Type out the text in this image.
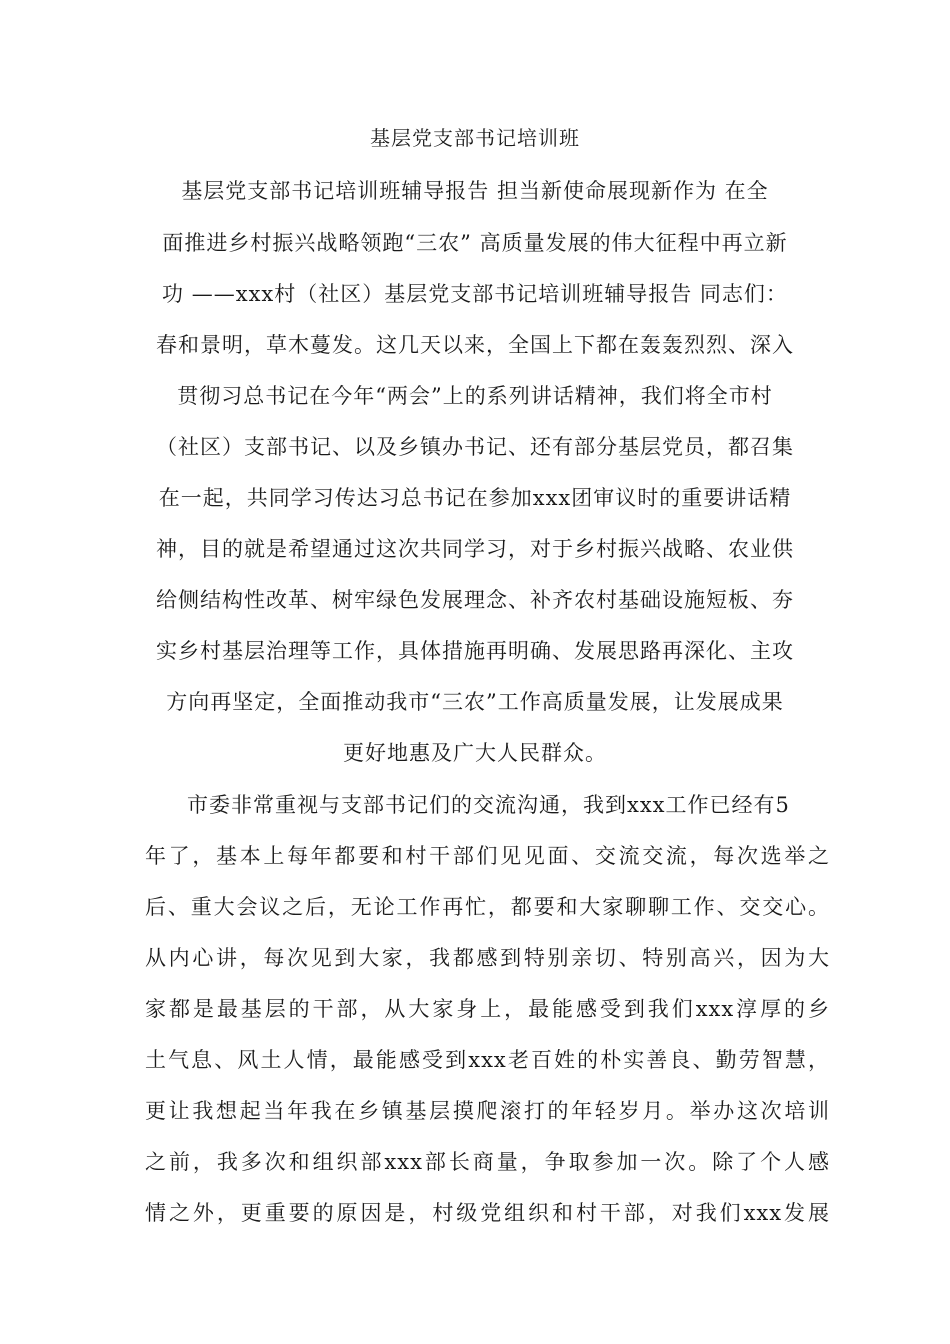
基层党支部书记培训班
基层党支部书记培训班辅导报告 担当新使命展现新作为 在全
面推进乡村振兴战略领跑“三农” 高质量发展的伟大征程中再立新
功 ——xxx村（社区）基层党支部书记培训班辅导报告 同志们：
春和景明，草木蔓发。这几天以来，全国上下都在轰轰烈烈、深入
贯彻习总书记在今年“两会”上的系列讲话精神，我们将全市村
（社区）支部书记、以及乡镇办书记、还有部分基层党员，都召集
在一起，共同学习传达习总书记在参加xxx团审议时的重要讲话精
神，目的就是希望通过这次共同学习，对于乡村振兴战略、农业供
给侧结构性改革、树牢绿色发展理念、补齐农村基础设施短板、夯
实乡村基层治理等工作，具体措施再明确、发展思路再深化、主攻
方向再坚定，全面推动我市“三农”工作高质量发展，让发展成果
更好地惠及广大人民群众。
市委非常重视与支部书记们的交流沟通，我到xxx工作已经有5
年了，基本上每年都要和村干部们见见面、交流交流，每次选举之
后、重大会议之后，无论工作再忙，都要和大家聊聊工作、交交心。
从内心讲，每次见到大家，我都感到特别亲切、特别高兴，因为大
家都是最基层的干部，从大家身上，最能感受到我们xxx淳厚的乡
土气息、风土人情，最能感受到xxx老百姓的朴实善良、勤劳智慧，
更让我想起当年我在乡镇基层摸爬滚打的年轻岁月。举办这次培训
之前，我多次和组织部xxx部长商量，争取参加一次。除了个人感
情之外，更重要的原因是，村级党组织和村干部，对我们xxx发展
